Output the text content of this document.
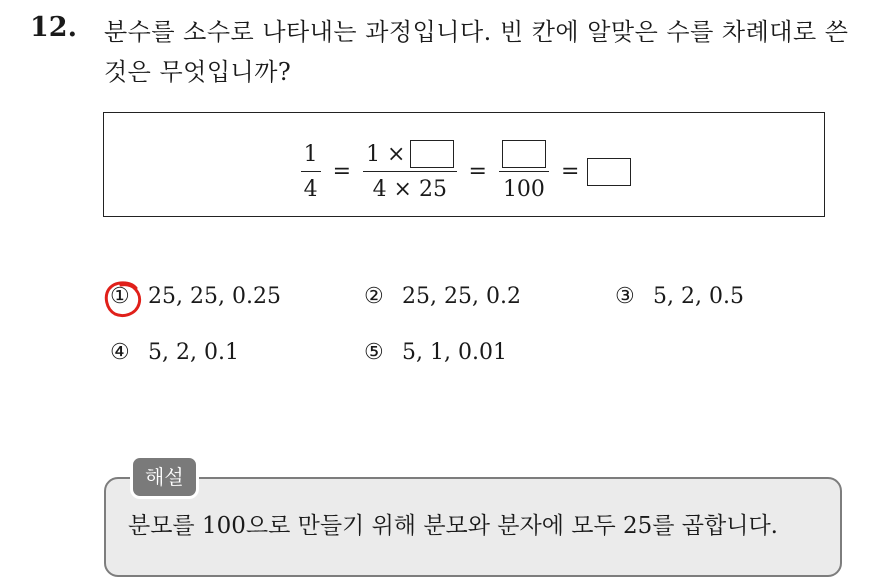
12. 분수를 소수로 나타내는 과정입니다. 빈 칸에 알맞은 수를 차례대로 쓴 것은 무엇입니까?
$\frac{1}{4} = \frac{1 \times}{4 \times 25}$ =
100
=
① 25, 25, 0.25	② 25, 25, 0.2	③ 5, 2, 0.5
④ 5, 2, 0.1	⑤ 5, 1, 0.01
해설
분모를 100으로 만들기 위해 분모와 분자에 모두 25를 곱합니다.
